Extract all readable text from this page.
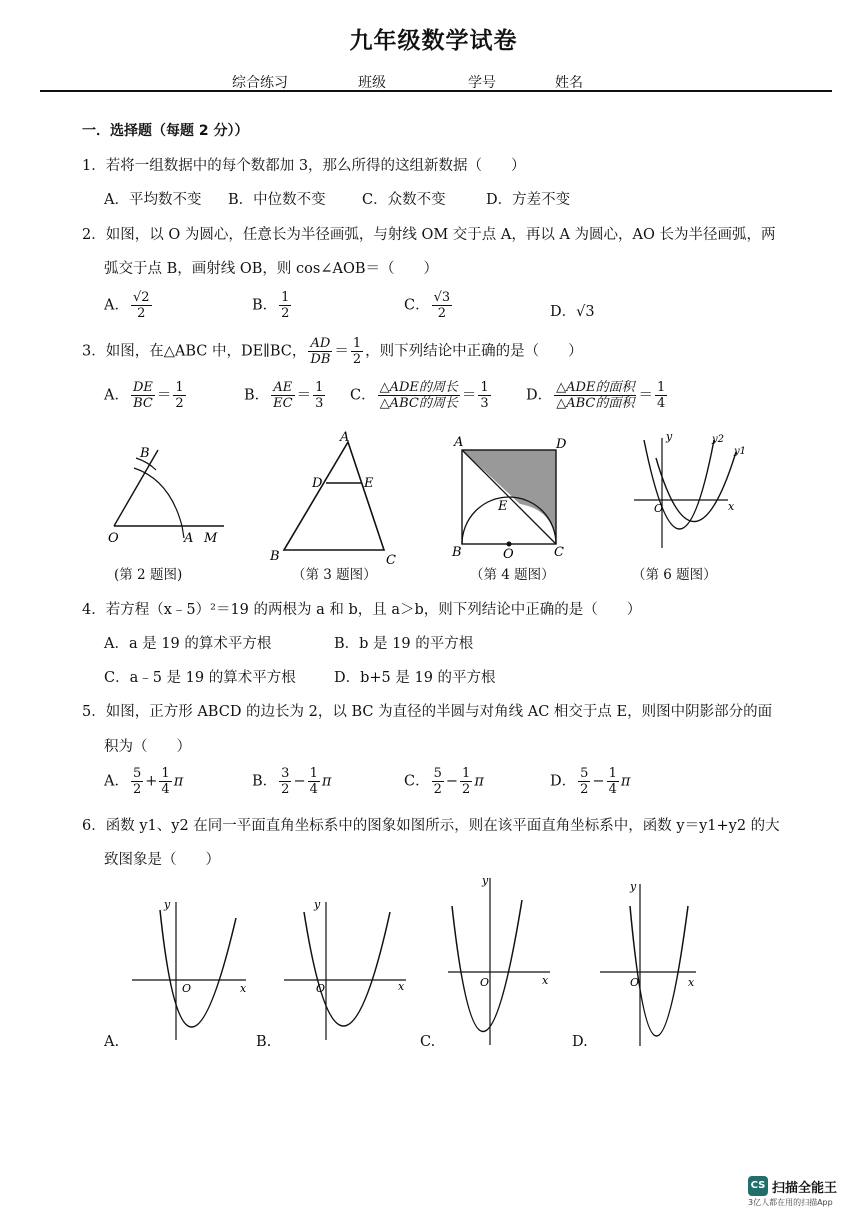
九年级数学试卷
综合练习	班级	学号	姓名
一．选择题（每题 2 分））
1．若将一组数据中的每个数都加 3，那么所得的这组新数据（　　）
A．平均数不变 B．中位数不变	C．众数不变	D．方差不变
2．如图，以 O 为圆心，任意长为半径画弧，与射线 OM 交于点 A，再以 A 为圆心，AO 长为半径画弧，两
弧交于点 B，画射线 OB，则 cos∠AOB＝（　　）
A． $\frac{√2}{2}$	B． $\frac{1}{2}$	C． $\frac{√3}{2}$	D．√3
3．如图，在△ABC 中，DE∥BC， $\frac{AD}{DB} = \frac{1}{2}$ ，则下列结论中正确的是（　　）
A． $\frac{DE}{BC} = \frac{1}{2}$	B． $\frac{AE}{EC} = \frac{1}{3}$ C． $\frac{\text{△ADE的周长}}{\text{△ABC的周长}} = \frac{1}{3}$ D． $\frac{\text{△ADE的面积}}{\text{△ABC的面积}} = \frac{1}{4}$
B
O	A M
(第 2 题图)
A
D	E
B	C
（第 3 题图）
A	D
E
B	O	C
（第 4 题图）
y	y2
y1
O	x
（第 6 题图）
4．若方程（x﹣5）²＝19 的两根为 a 和 b，且 a＞b，则下列结论中正确的是（　　）
A．a 是 19 的算术平方根	B．b 是 19 的平方根
C．a﹣5 是 19 的算术平方根	D．b+5 是 19 的平方根
5．如图，正方形 ABCD 的边长为 2，以 BC 为直径的半圆与对角线 AC 相交于点 E，则图中阴影部分的面
积为（　　）
A． $\frac{5}{2} + \frac{1}{4}$ π	B． $\frac{3}{2} - \frac{1}{4}$ π	C． $\frac{5}{2} - \frac{1}{2}$ π	D． $\frac{5}{2} - \frac{1}{4}$ π
6．函数 y1、y2 在同一平面直角坐标系中的图象如图所示，则在该平面直角坐标系中，函数 y＝y1+y2 的大
致图象是（　　）
y
O	x
A.
y
O	x
B.
y
O	x
C.
y
O	x
D.
CS 扫描全能王
3亿人都在用的扫描App
